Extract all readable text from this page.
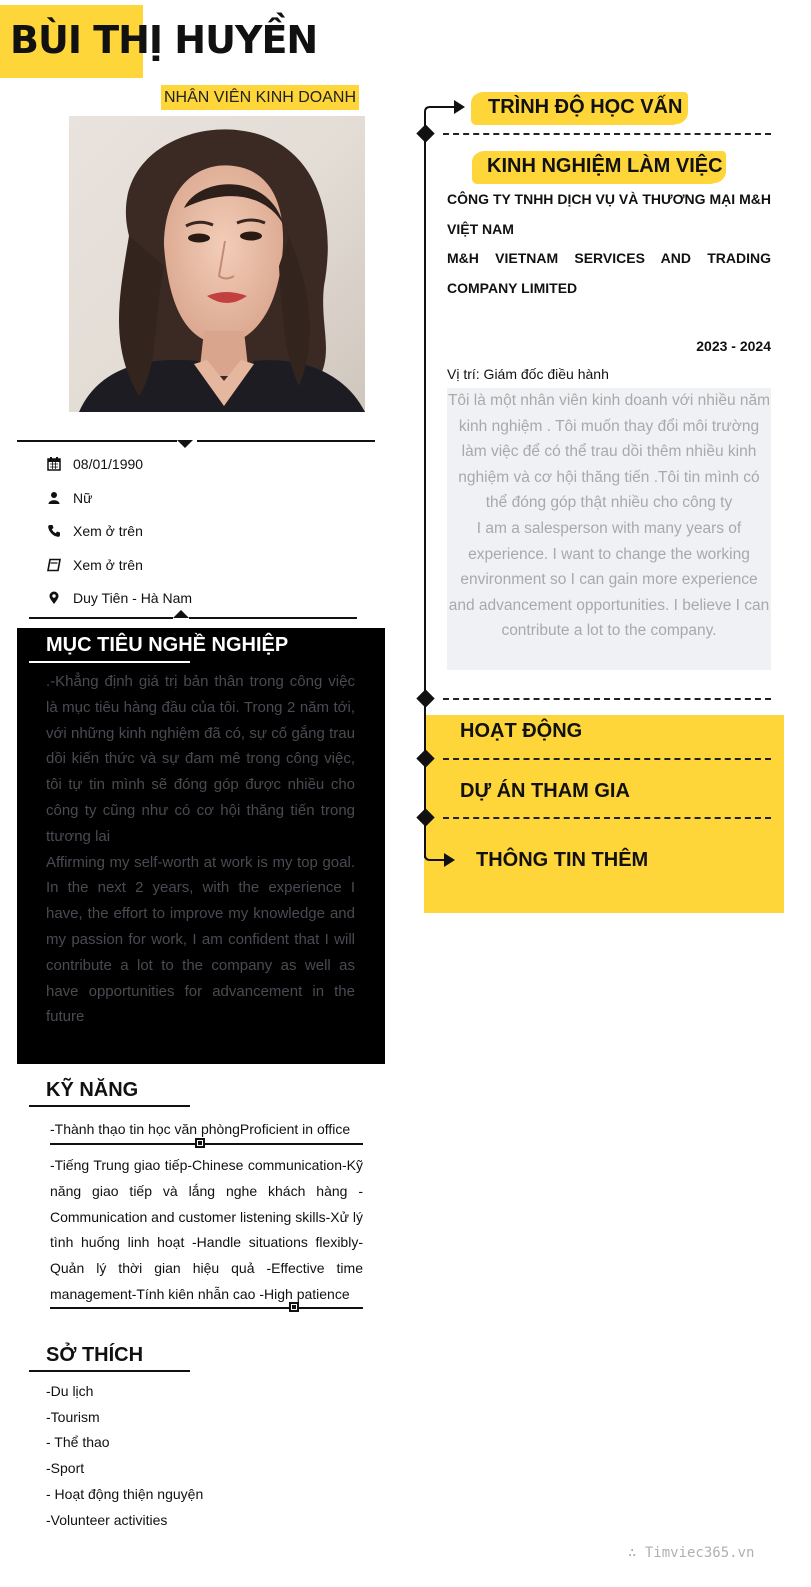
BÙI THỊ HUYỀN
NHÂN VIÊN KINH DOANH
08/01/1990
Nữ
Xem ở trên
Xem ở trên
Duy Tiên - Hà Nam
MỤC TIÊU NGHỀ NGHIỆP
.-Khẳng định giá trị bản thân trong công việc là mục tiêu hàng đầu của tôi. Trong 2 năm tới, với những kinh nghiệm đã có, sự cố gắng trau dồi kiến thức và sự đam mê trong công việc, tôi tự tin mình sẽ đóng góp được nhiều cho công ty cũng như có cơ hội thăng tiến trong ttương lai
Affirming my self-worth at work is my top goal. In the next 2 years, with the experience I have, the effort to improve my knowledge and my passion for work, I am confident that I will contribute a lot to the company as well as have opportunities for advancement in the future
KỸ NĂNG
-Thành thạo tin học văn phòngProficient in office
-Tiếng Trung giao tiếp-Chinese communication-Kỹ năng giao tiếp và lắng nghe khách hàng -Communication and customer listening skills-Xử lý tình huống linh hoạt -Handle situations flexibly-Quản lý thời gian hiệu quả -Effective time management-Tính kiên nhẫn cao -High patience
SỞ THÍCH
-Du lịch
-Tourism
- Thể thao
-Sport
- Hoạt động thiện nguyện
-Volunteer activities
TRÌNH ĐỘ HỌC VẤN
KINH NGHIỆM LÀM VIỆC
CÔNG TY TNHH DỊCH VỤ VÀ THƯƠNG MẠI M&H VIỆT NAM
M&H VIETNAM SERVICES AND TRADING COMPANY LIMITED
2023 - 2024
Vị trí: Giám đốc điều hành
Tôi là một nhân viên kinh doanh với nhiều năm kinh nghiệm . Tôi muốn thay đổi môi trường làm việc để có thể trau dồi thêm nhiều kinh nghiệm và cơ hội thăng tiến .Tôi tin mình có thể đóng góp thật nhiều cho công ty
I am a salesperson with many years of experience. I want to change the working environment so I can gain more experience and advancement opportunities. I believe I can contribute a lot to the company.
HOẠT ĐỘNG
DỰ ÁN THAM GIA
THÔNG TIN THÊM
∴ Timviec365.vn
